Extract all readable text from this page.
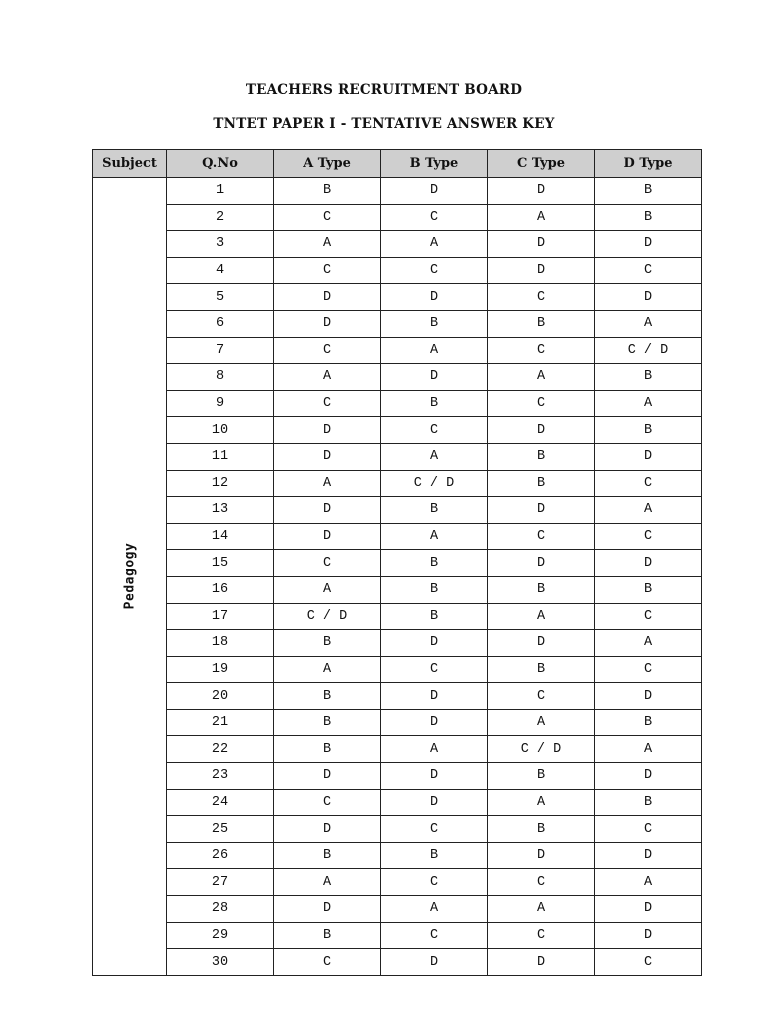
TEACHERS RECRUITMENT BOARD
TNTET PAPER I - TENTATIVE ANSWER KEY
Subject	Q.No	A Type	B Type	C Type	D Type

Pedagogy	1	B	D	D	B
	2	C	C	A	B
	3	A	A	D	D
	4	C	C	D	C
	5	D	D	C	D
	6	D	B	B	A
	7	C	A	C	C / D
	8	A	D	A	B
	9	C	B	C	A
	10	D	C	D	B
	11	D	A	B	D
	12	A	C / D	B	C
	13	D	B	D	A
	14	D	A	C	C
	15	C	B	D	D
	16	A	B	B	B
	17	C / D	B	A	C
	18	B	D	D	A
	19	A	C	B	C
	20	B	D	C	D
	21	B	D	A	B
	22	B	A	C / D	A
	23	D	D	B	D
	24	C	D	A	B
	25	D	C	B	C
	26	B	B	D	D
	27	A	C	C	A
	28	D	A	A	D
	29	B	C	C	D
	30	C	D	D	C
